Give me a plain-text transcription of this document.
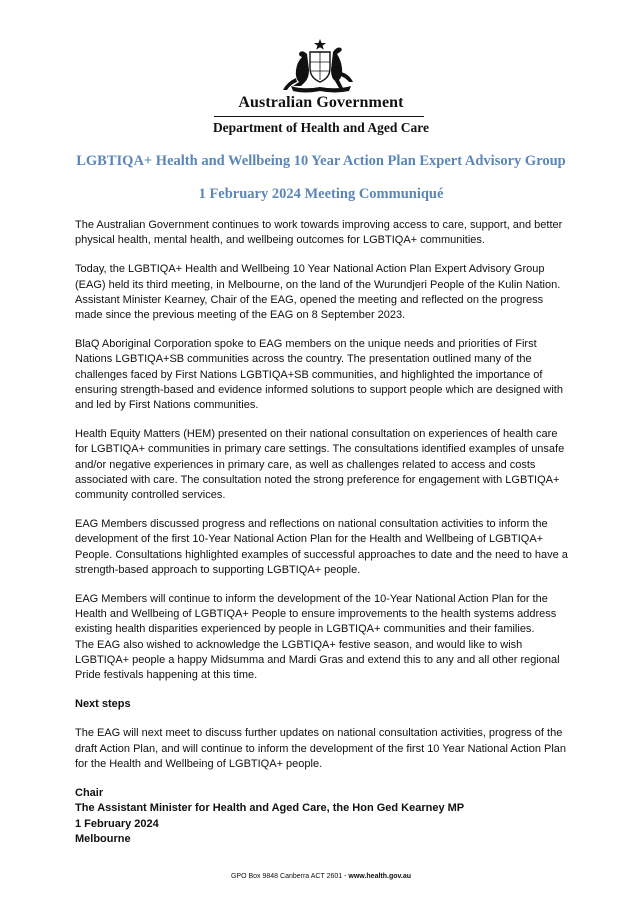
Australian Government
Department of Health and Aged Care
LGBTIQA+ Health and Wellbeing 10 Year Action Plan Expert Advisory Group
1 February 2024 Meeting Communiqué

The Australian Government continues to work towards improving access to care, support, and better physical health, mental health, and wellbeing outcomes for LGBTIQA+ communities.

Today, the LGBTIQA+ Health and Wellbeing 10 Year National Action Plan Expert Advisory Group (EAG) held its third meeting, in Melbourne, on the land of the Wurundjeri People of the Kulin Nation. Assistant Minister Kearney, Chair of the EAG, opened the meeting and reflected on the progress made since the previous meeting of the EAG on 8 September 2023.

BlaQ Aboriginal Corporation spoke to EAG members on the unique needs and priorities of First Nations LGBTIQA+SB communities across the country. The presentation outlined many of the challenges faced by First Nations LGBTIQA+SB communities, and highlighted the importance of ensuring strength-based and evidence informed solutions to support people which are designed with and led by First Nations communities.

Health Equity Matters (HEM) presented on their national consultation on experiences of health care for LGBTIQA+ communities in primary care settings. The consultations identified examples of unsafe and/or negative experiences in primary care, as well as challenges related to access and costs associated with care. The consultation noted the strong preference for engagement with LGBTIQA+ community controlled services.

EAG Members discussed progress and reflections on national consultation activities to inform the development of the first 10-Year National Action Plan for the Health and Wellbeing of LGBTIQA+ People. Consultations highlighted examples of successful approaches to date and the need to have a strength-based approach to supporting LGBTIQA+ people.

EAG Members will continue to inform the development of the 10-Year National Action Plan for the Health and Wellbeing of LGBTIQA+ People to ensure improvements to the health systems address existing health disparities experienced by people in LGBTIQA+ communities and their families.

The EAG also wished to acknowledge the LGBTIQA+ festive season, and would like to wish LGBTIQA+ people a happy Midsumma and Mardi Gras and extend this to any and all other regional Pride festivals happening at this time.

Next steps

The EAG will next meet to discuss further updates on national consultation activities, progress of the draft Action Plan, and will continue to inform the development of the first 10 Year National Action Plan for the Health and Wellbeing of LGBTIQA+ people.

Chair
The Assistant Minister for Health and Aged Care, the Hon Ged Kearney MP
1 February 2024
Melbourne
GPO Box 9848 Canberra ACT 2601 - www.health.gov.au
